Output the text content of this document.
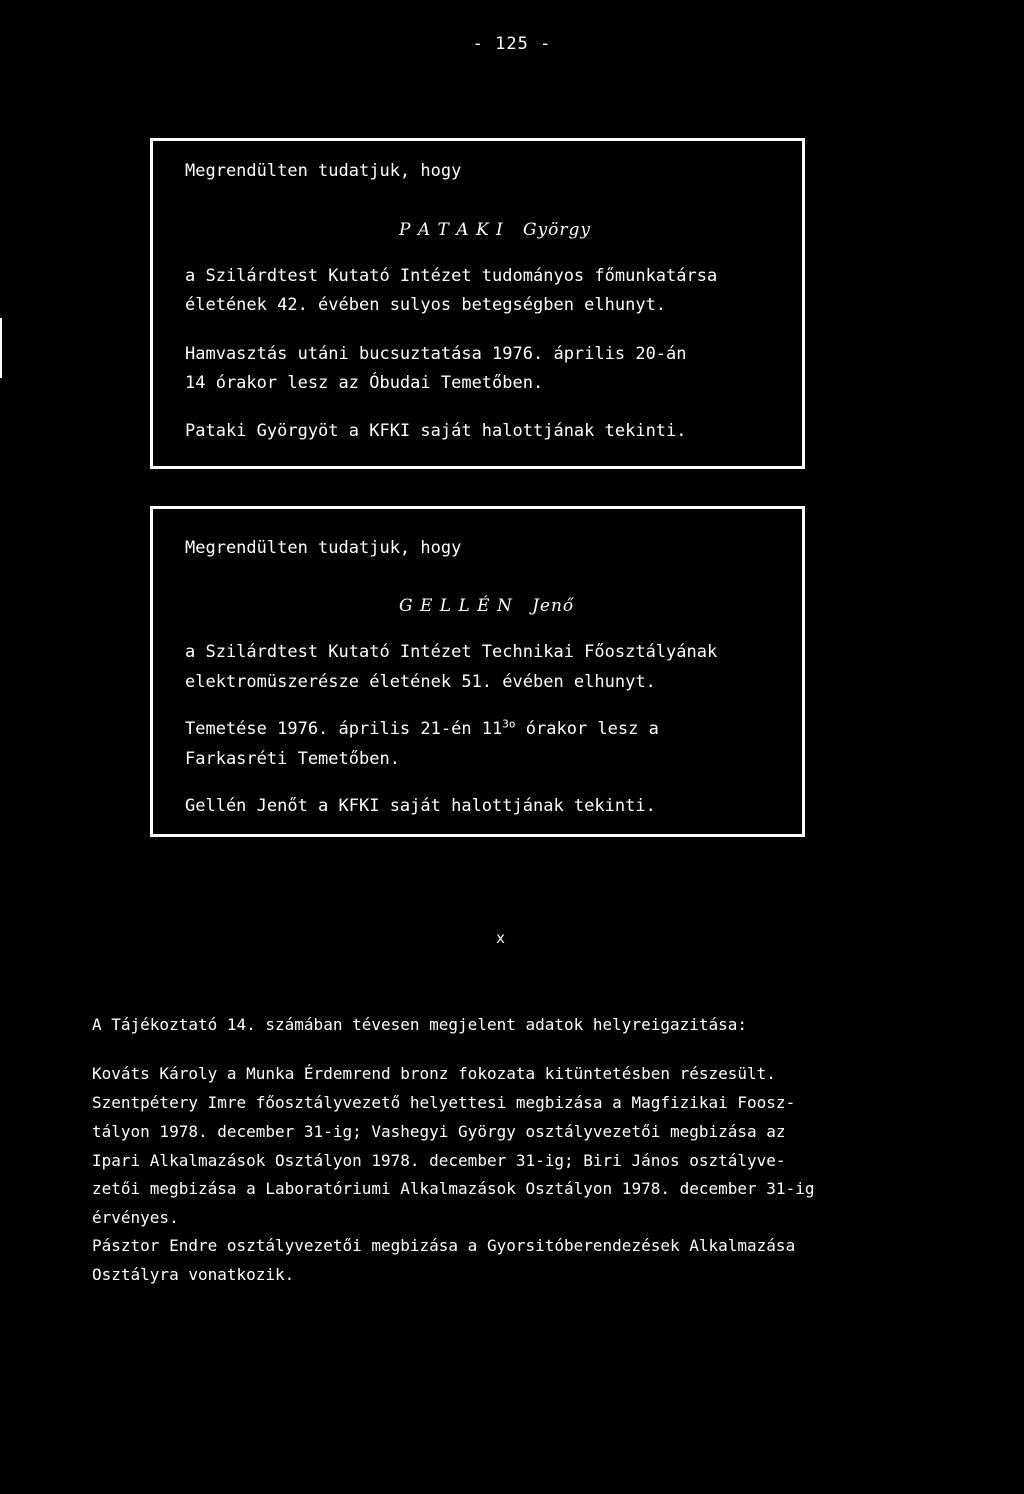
- 125 -
Megrendülten tudatjuk, hogy
P A T A K I György
a Szilárdtest Kutató Intézet tudományos főmunkatársa
életének 42. évében sulyos betegségben elhunyt.
Hamvasztás utáni bucsuztatása 1976. április 20-án
14 órakor lesz az Óbudai Temetőben.
Pataki Györgyöt a KFKI saját halottjának tekinti.
Megrendülten tudatjuk, hogy
G E L L É N Jenő
a Szilárdtest Kutató Intézet Technikai Főosztályának
elektromüszerésze életének 51. évében elhunyt.
Temetése 1976. április 21-én $11^{3o}$ órakor lesz a
Farkasréti Temetőben.
Gellén Jenőt a KFKI saját halottjának tekinti.
x
A Tájékoztató 14. számában tévesen megjelent adatok helyreigazitása:
Kováts Károly a Munka Érdemrend bronz fokozata kitüntetésben részesült.
Szentpétery Imre főosztályvezető helyettesi megbizása a Magfizikai Foosz-
tályon 1978. december 31-ig; Vashegyi György osztályvezetői megbizása az
Ipari Alkalmazások Osztályon 1978. december 31-ig; Biri János osztályve-
zetői megbizása a Laboratóriumi Alkalmazások Osztályon 1978. december 31-ig
érvényes.
Pásztor Endre osztályvezetői megbizása a Gyorsitóberendezések Alkalmazása
Osztályra vonatkozik.
